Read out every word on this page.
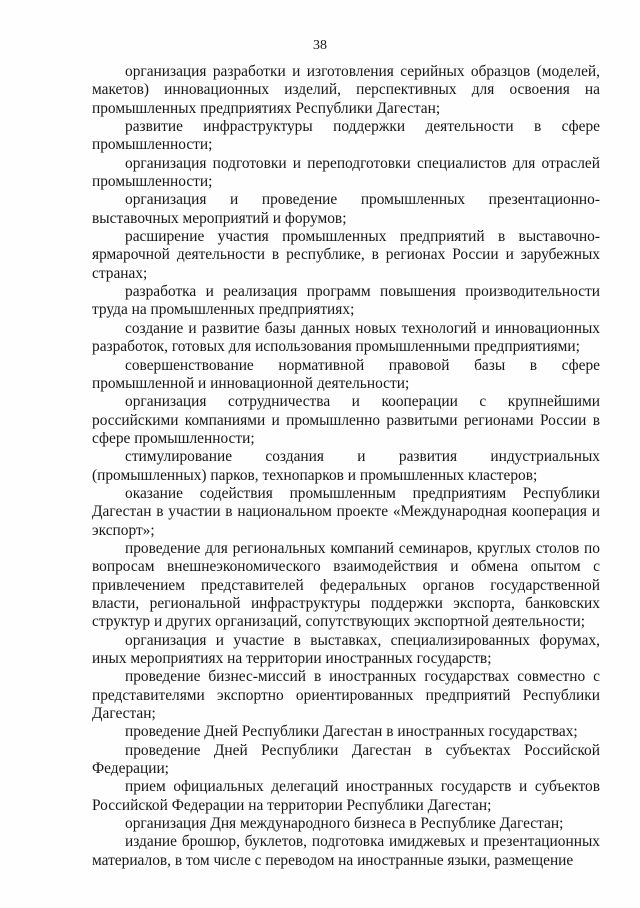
38

организация разработки и изготовления серийных образцов (моделей, макетов) инновационных изделий, перспективных для освоения на промышленных предприятиях Республики Дагестан;

развитие инфраструктуры поддержки деятельности в сфере промышленности;

организация подготовки и переподготовки специалистов для отраслей промышленности;

организация и проведение промышленных презентационно-выставочных мероприятий и форумов;

расширение участия промышленных предприятий в выставочно-ярмарочной деятельности в республике, в регионах России и зарубежных странах;

разработка и реализация программ повышения производительности труда на промышленных предприятиях;

создание и развитие базы данных новых технологий и инновационных разработок, готовых для использования промышленными предприятиями;

совершенствование нормативной правовой базы в сфере промышленной и инновационной деятельности;

организация сотрудничества и кооперации с крупнейшими российскими компаниями и промышленно развитыми регионами России в сфере промышленности;

стимулирование создания и развития индустриальных (промышленных) парков, технопарков и промышленных кластеров;

оказание содействия промышленным предприятиям Республики Дагестан в участии в национальном проекте «Международная кооперация и экспорт»;

проведение для региональных компаний семинаров, круглых столов по вопросам внешнеэкономического взаимодействия и обмена опытом с привлечением представителей федеральных органов государственной власти, региональной инфраструктуры поддержки экспорта, банковских структур и других организаций, сопутствующих экспортной деятельности;

организация и участие в выставках, специализированных форумах, иных мероприятиях на территории иностранных государств;

проведение бизнес-миссий в иностранных государствах совместно с представителями экспортно ориентированных предприятий Республики Дагестан;

проведение Дней Республики Дагестан в иностранных государствах;

проведение Дней Республики Дагестан в субъектах Российской Федерации;

прием официальных делегаций иностранных государств и субъектов Российской Федерации на территории Республики Дагестан;

организация Дня международного бизнеса в Республике Дагестан;

издание брошюр, буклетов, подготовка имиджевых и презентационных материалов, в том числе с переводом на иностранные языки, размещение
